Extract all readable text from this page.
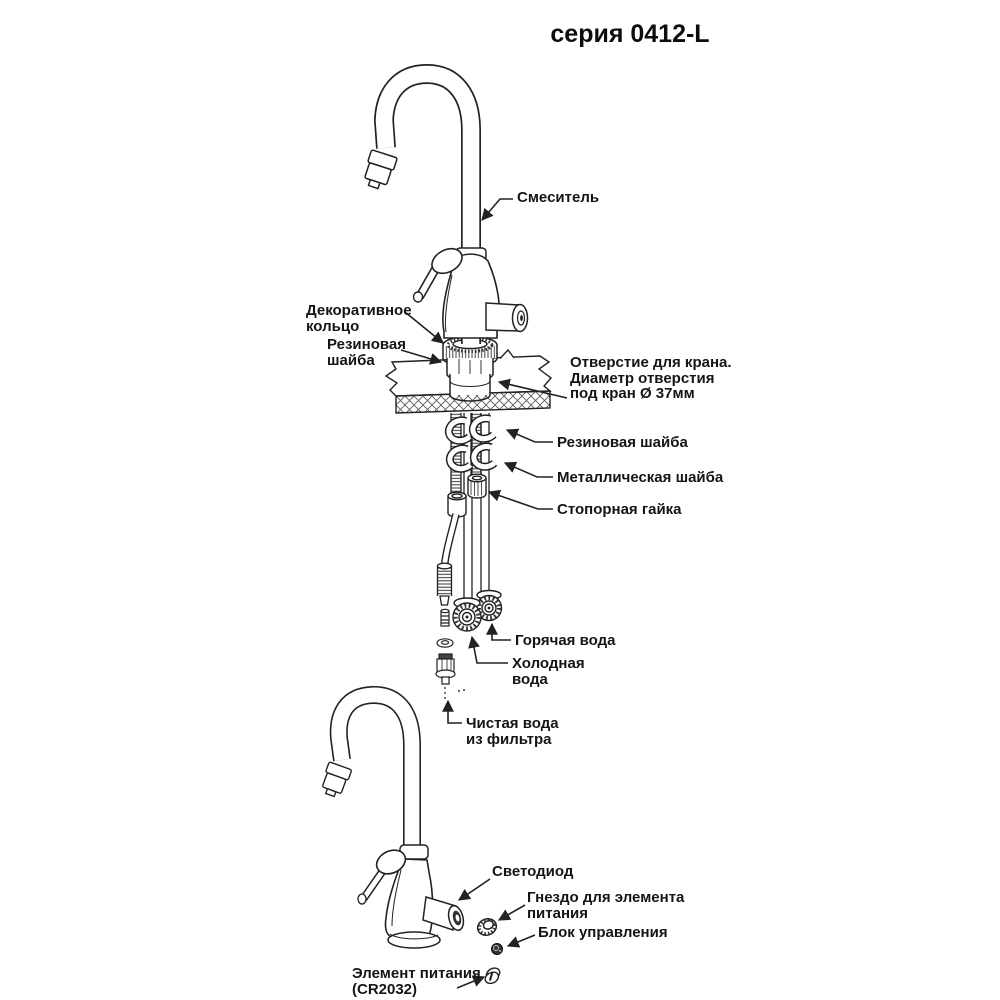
серия 0412-L
Смеситель
Декоративное
кольцо
Резиновая
шайба	Отверстие для крана.
Диаметр отверстия
под кран Ø 37мм
Резиновая шайба
Металлическая шайба
Стопорная гайка
Горячая вода
Холодная
вода
Чистая вода
из фильтра
Светодиод
Гнездо для элемента
питания
Блок управления
Элемент питания
(CR2032)
